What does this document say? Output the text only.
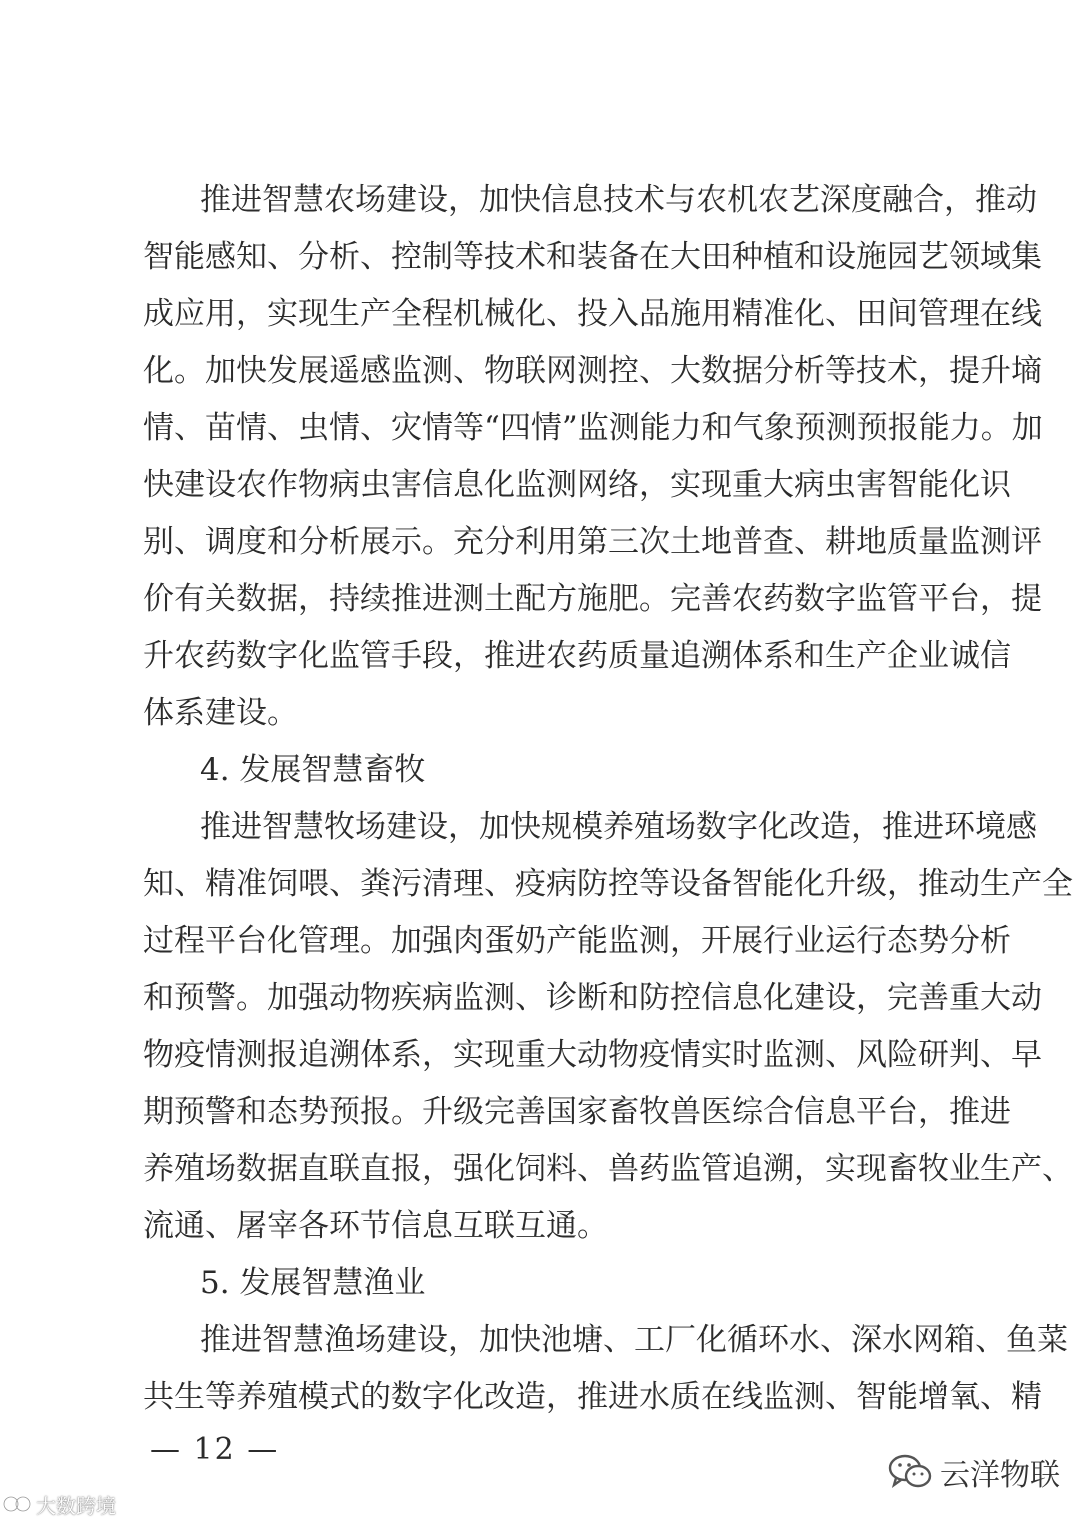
推进智慧农场建设，加快信息技术与农机农艺深度融合，推动
智能感知、分析、控制等技术和装备在大田种植和设施园艺领域集
成应用，实现生产全程机械化、投入品施用精准化、田间管理在线
化。加快发展遥感监测、物联网测控、大数据分析等技术，提升墒
情、苗情、虫情、灾情等“四情”监测能力和气象预测预报能力。加
快建设农作物病虫害信息化监测网络，实现重大病虫害智能化识
别、调度和分析展示。充分利用第三次土地普查、耕地质量监测评
价有关数据，持续推进测土配方施肥。完善农药数字监管平台，提
升农药数字化监管手段，推进农药质量追溯体系和生产企业诚信
体系建设。
4. 发展智慧畜牧
推进智慧牧场建设，加快规模养殖场数字化改造，推进环境感
知、精准饲喂、粪污清理、疫病防控等设备智能化升级，推动生产全
过程平台化管理。加强肉蛋奶产能监测，开展行业运行态势分析
和预警。加强动物疾病监测、诊断和防控信息化建设，完善重大动
物疫情测报追溯体系，实现重大动物疫情实时监测、风险研判、早
期预警和态势预报。升级完善国家畜牧兽医综合信息平台，推进
养殖场数据直联直报，强化饲料、兽药监管追溯，实现畜牧业生产、
流通、屠宰各环节信息互联互通。
5. 发展智慧渔业
推进智慧渔场建设，加快池塘、工厂化循环水、深水网箱、鱼菜
共生等养殖模式的数字化改造，推进水质在线监测、智能增氧、精
— 12 —
大数跨境
云洋物联
